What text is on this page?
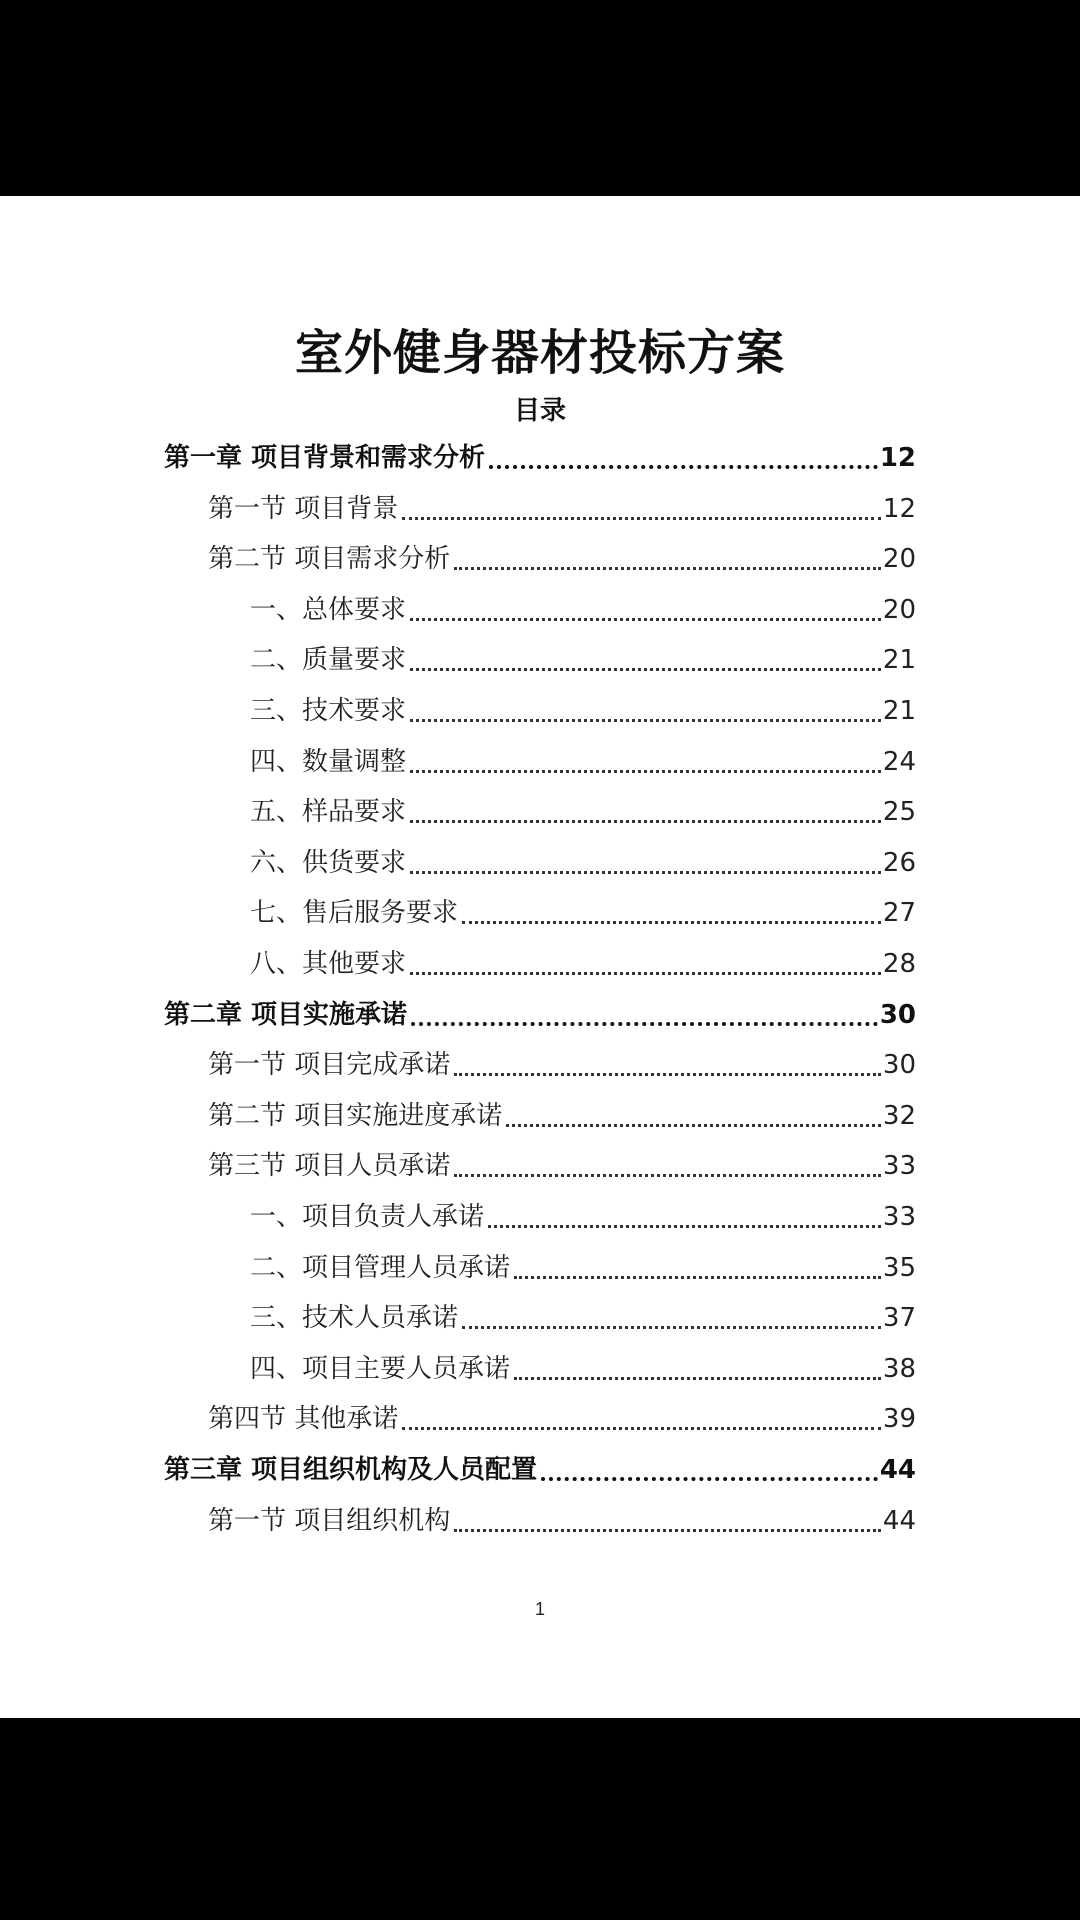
室外健身器材投标方案
目录
第一章 项目背景和需求分析	12
第一节 项目背景	12
第二节 项目需求分析	20
一、总体要求	20
二、质量要求	21
三、技术要求	21
四、数量调整	24
五、样品要求	25
六、供货要求	26
七、售后服务要求	27
八、其他要求	28
第二章 项目实施承诺	30
第一节 项目完成承诺	30
第二节 项目实施进度承诺	32
第三节 项目人员承诺	33
一、项目负责人承诺	33
二、项目管理人员承诺	35
三、技术人员承诺	37
四、项目主要人员承诺	38
第四节 其他承诺	39
第三章 项目组织机构及人员配置	44
第一节 项目组织机构	44
1
